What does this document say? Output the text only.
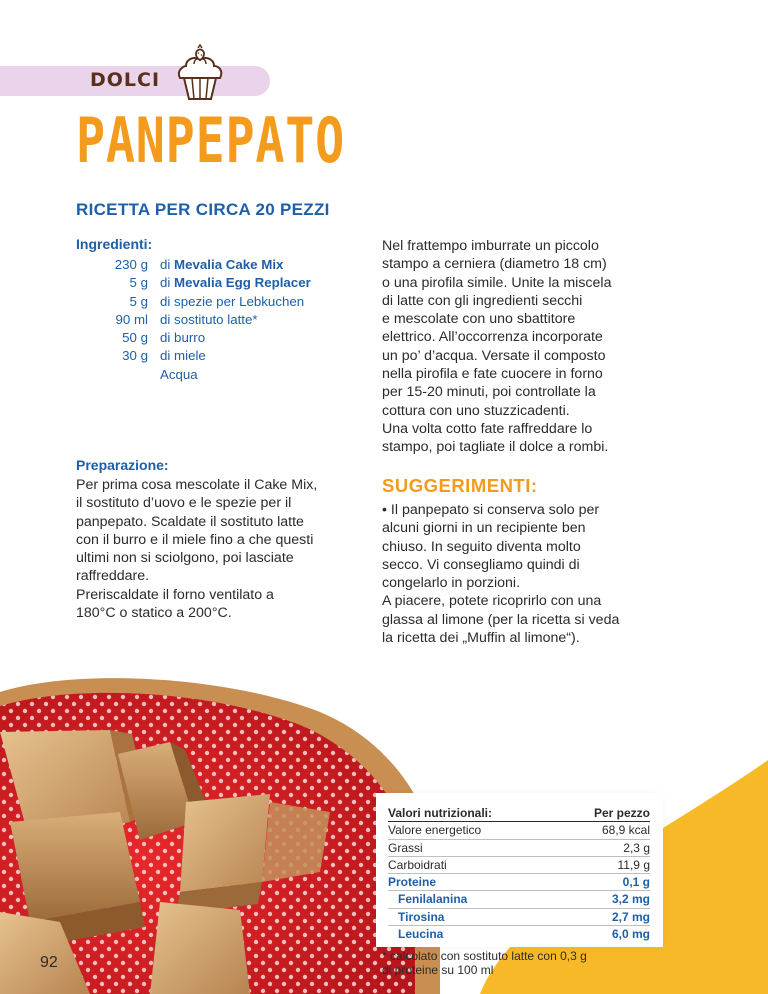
DOLCI
PANPEPATO
RICETTA PER CIRCA 20 PEZZI
Ingredienti:
230 g di Mevalia Cake Mix
5 g di Mevalia Egg Replacer
5 g di spezie per Lebkuchen
90 ml di sostituto latte*
50 g di burro
30 g di miele
Acqua
Preparazione:

Per prima cosa mescolate il Cake Mix,
il sostituto d’uovo e le spezie per il
panpepato. Scaldate il sostituto latte
con il burro e il miele fino a che questi
ultimi non si sciolgono, poi lasciate
raffreddare.
Preriscaldate il forno ventilato a
180°C o statico a 200°C.

Nel frattempo imburrate un piccolo
stampo a cerniera (diametro 18 cm)
o una pirofila simile. Unite la miscela
di latte con gli ingredienti secchi
e mescolate con uno sbattitore
elettrico. All’occorrenza incorporate
un po’ d’acqua. Versate il composto
nella pirofila e fate cuocere in forno
per 15-20 minuti, poi controllate la
cottura con uno stuzzicadenti.
Una volta cotto fate raffreddare lo
stampo, poi tagliate il dolce a rombi.

SUGGERIMENTI:

• Il panpepato si conserva solo per
alcuni giorni in un recipiente ben
chiuso. In seguito diventa molto
secco. Vi consegliamo quindi di
congelarlo in porzioni.
A piacere, potete ricoprirlo con una
glassa al limone (per la ricetta si veda
la ricetta dei „Muffin al limone“).

Valori nutrizionali:	Per pezzo
Valore energetico	68,9 kcal
Grassi	2,3 g
Carboidrati	11,9 g
Proteine	0,1 g
Fenilalanina	3,2 mg
Tirosina	2,7 mg
Leucina	6,0 mg

* calcolato con sostituto latte con 0,3 g
di proteine su 100 ml

92
